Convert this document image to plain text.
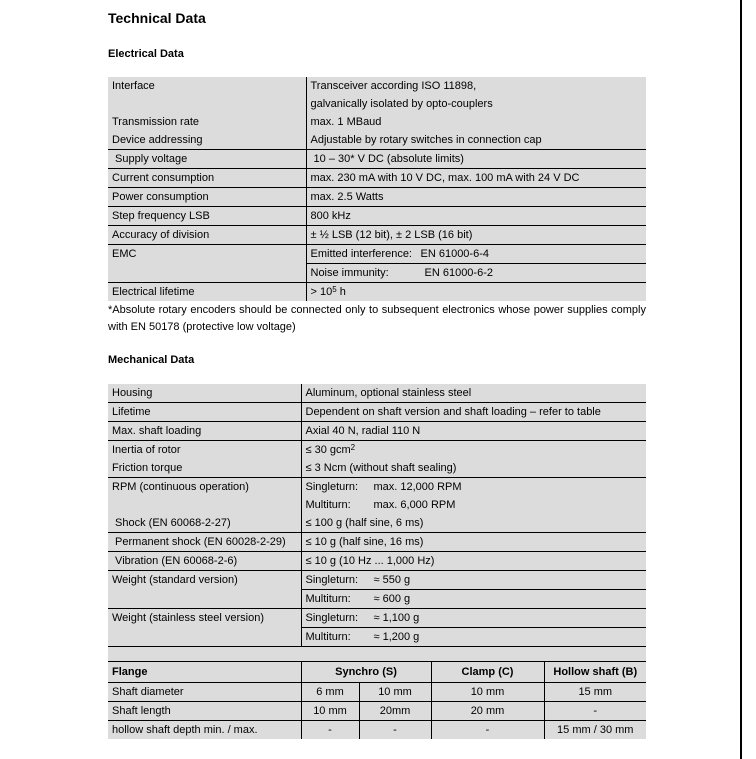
Technical Data
Electrical Data
Interface	Transceiver according ISO 11898,
	galvanically isolated by opto-couplers
Transmission rate	max. 1 MBaud
Device addressing	Adjustable by rotary switches in connection cap
Supply voltage	10 – 30* V DC (absolute limits)
Current consumption	max. 230 mA with 10 V DC, max. 100 mA with 24 V DC
Power consumption	max. 2.5 Watts
Step frequency LSB	800 kHz
Accuracy of division	± ½ LSB (12 bit), ± 2 LSB (16 bit)
EMC	Emitted interference: EN 61000-6-4
	Noise immunity: EN 61000-6-2
Electrical lifetime	> $10^5$ h
*Absolute rotary encoders should be connected only to subsequent electronics whose power supplies comply with EN 50178 (protective low voltage)
Mechanical Data
Housing	Aluminum, optional stainless steel
Lifetime	Dependent on shaft version and shaft loading – refer to table
Max. shaft loading	Axial 40 N, radial 110 N
Inertia of rotor	≤ 30 gcm$^2$
Friction torque	≤ 3 Ncm (without shaft sealing)
RPM (continuous operation)	Singleturn: max. 12,000 RPM
	Multiturn: max. 6,000 RPM
Shock (EN 60068-2-27)	≤ 100 g (half sine, 6 ms)
Permanent shock (EN 60028-2-29)	≤ 10 g (half sine, 16 ms)
Vibration (EN 60068-2-6)	≤ 10 g (10 Hz ... 1,000 Hz)
Weight (standard version)	Singleturn: ≈ 550 g
	Multiturn: ≈ 600 g
Weight (stainless steel version)	Singleturn: ≈ 1,100 g
	Multiturn: ≈ 1,200 g

Flange	Synchro (S)		Clamp (C)	Hollow shaft (B)
Shaft diameter	6 mm	10 mm	10 mm	15 mm
Shaft length	10 mm	20mm	20 mm	-
hollow shaft depth min. / max.	-	-	-	15 mm / 30 mm
